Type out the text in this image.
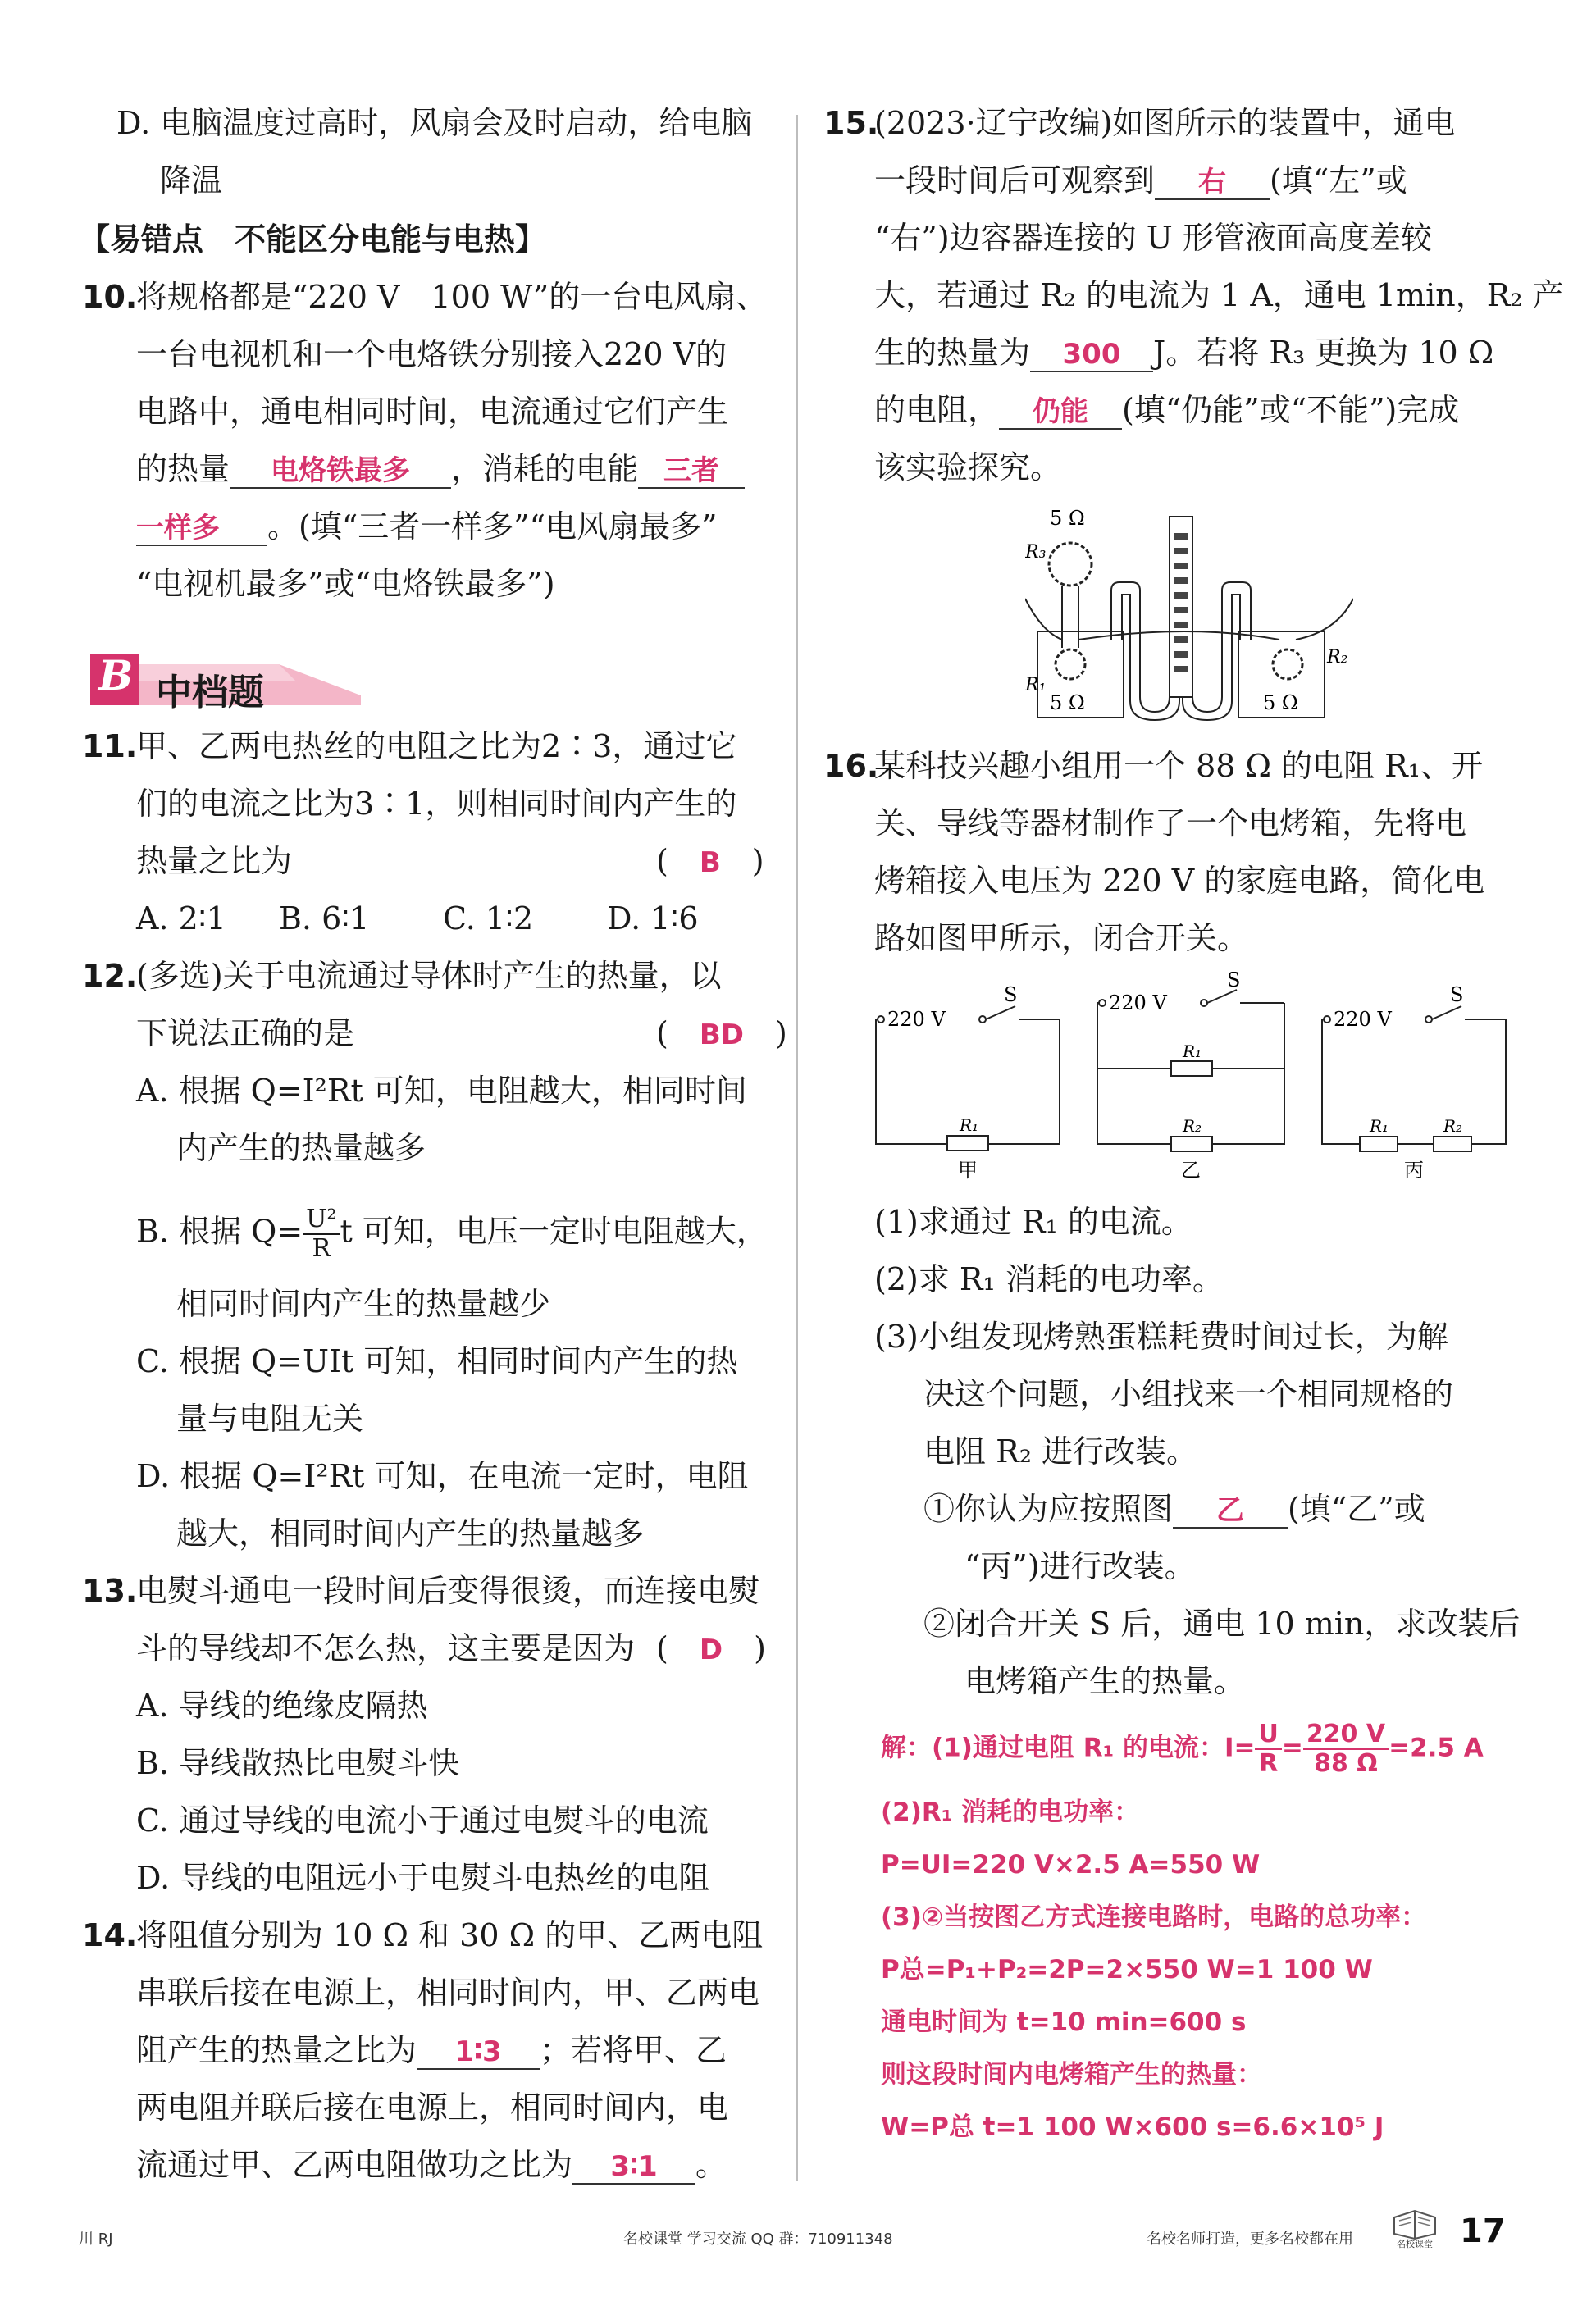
D. 电脑温度过高时，风扇会及时启动，给电脑
降温
【易错点　不能区分电能与电热】
10.
将规格都是“220 V　100 W”的一台电风扇、
一台电视机和一个电烙铁分别接入220 V的
电路中，通电相同时间，电流通过它们产生
的热量 电烙铁最多 ，消耗的电能 三者
一样多 。(填“三者一样多”“电风扇最多”
“电视机最多”或“电烙铁最多”)
B 中档题
11.
甲、乙两电热丝的电阻之比为2∶3，通过它
们的电流之比为3∶1，则相同时间内产生的
热量之比为	(　B　)
A. 2∶1 B. 6∶1 C. 1∶2 D. 1∶6
12.
(多选)关于电流通过导体时产生的热量，以
下说法正确的是	(　BD　)
A. 根据 Q=I²Rt 可知，电阻越大，相同时间
内产生的热量越多
B. 根据 $Q= \frac{\text{U²}}{R}$ t 可知，电压一定时电阻越大，
相同时间内产生的热量越少
C. 根据 Q=UIt 可知，相同时间内产生的热
量与电阻无关
D. 根据 Q=I²Rt 可知，在电流一定时，电阻
越大，相同时间内产生的热量越多
13.
电熨斗通电一段时间后变得很烫，而连接电熨
斗的导线却不怎么热，这主要是因为 (　D　)
A. 导线的绝缘皮隔热
B. 导线散热比电熨斗快
C. 通过导线的电流小于通过电熨斗的电流
D. 导线的电阻远小于电熨斗电热丝的电阻
14.
将阻值分别为 10 Ω 和 30 Ω 的甲、乙两电阻
串联后接在电源上，相同时间内，甲、乙两电
阻产生的热量之比为 1∶3 ；若将甲、乙
两电阻并联后接在电源上，相同时间内，电
流通过甲、乙两电阻做功之比为 3∶1 。
15.
(2023·辽宁改编)如图所示的装置中，通电
一段时间后可观察到 右 (填“左”或
“右”)边容器连接的 U 形管液面高度差较
大，若通过 R₂ 的电流为 1 A，通电 1min，R₂ 产
生的热量为 300 J。若将 R₃ 更换为 10 Ω
的电阻， 仍能 (填“仍能”或“不能”)完成
该实验探究。
5 Ω
R₃
R₁
5 Ω
R₂
5 Ω
16.
某科技兴趣小组用一个 88 Ω 的电阻 R₁、开
关、导线等器材制作了一个电烤箱，先将电
烤箱接入电压为 220 V 的家庭电路，简化电
路如图甲所示，闭合开关。
220 V
S
R₁
甲
220 V
S
R₁
R₂
乙
220 V
S
R₁	R₂
丙
(1)求通过 R₁ 的电流。
(2)求 R₁ 消耗的电功率。
(3)小组发现烤熟蛋糕耗费时间过长，为解
决这个问题，小组找来一个相同规格的
电阻 R₂ 进行改装。
①你认为应按照图 乙 (填“乙”或
“丙”)进行改装。
②闭合开关 S 后，通电 10 min，求改装后
电烤箱产生的热量。
解：(1)通过电阻 R₁ 的电流：$I= \frac{U}{R} = \frac{220 V}{88 \Omega} =2.5$ A
(2)R₁ 消耗的电功率：
P=UI=220 V×2.5 A=550 W
(3)②当按图乙方式连接电路时，电路的总功率：
P总=P₁+P₂=2P=2×550 W=1 100 W
通电时间为 t=10 min=600 s
则这段时间内电烤箱产生的热量：
W=P总 t=1 100 W×600 s=6.6×10⁵ J
川 RJ	名校课堂 学习交流 QQ 群：710911348	名校名师打造，更多名校都在用	名校课堂 17
